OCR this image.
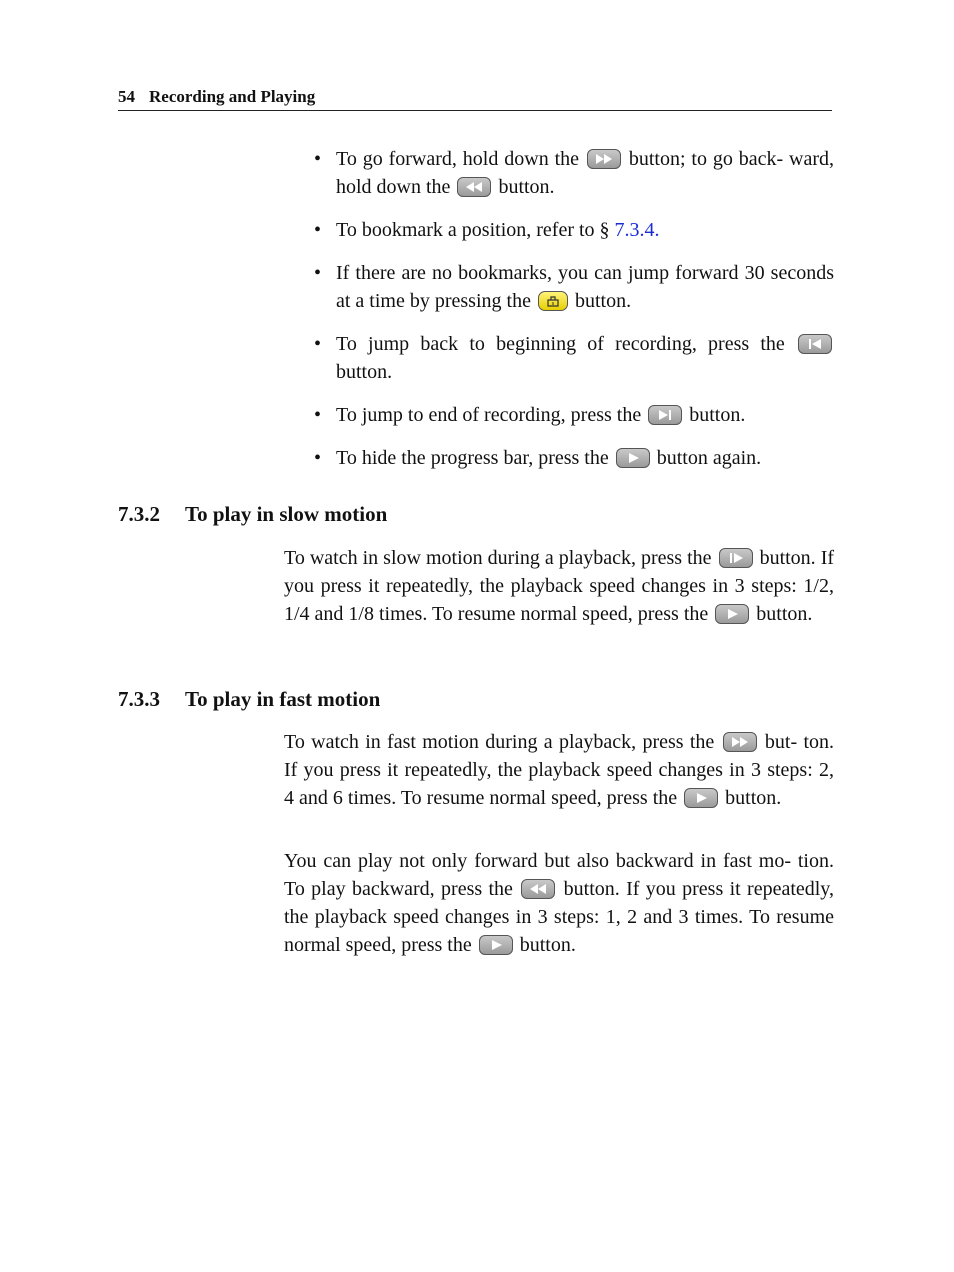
54 Recording and Playing
• To go forward, hold down the button; to go back- ward, hold down the button.
• To bookmark a position, refer to § 7.3.4.
• If there are no bookmarks, you can jump forward 30 seconds at a time by pressing the button.
• To jump back to beginning of recording, press the
button.
• To jump to end of recording, press the button.
• To hide the progress bar, press the button again.
7.3.2 To play in slow motion

To watch in slow motion during a playback, press the button. If you press it repeatedly, the playback speed changes in 3 steps: 1/2, 1/4 and 1/8 times. To resume normal speed, press the button.

7.3.3 To play in fast motion

To watch in fast motion during a playback, press the	but- ton. If you press it repeatedly, the playback speed changes in 3 steps: 2, 4 and 6 times. To resume normal speed, press the button.

You can play not only forward but also backward in fast mo- tion. To play backward, press the	button. If you press it repeatedly, the playback speed changes in 3 steps: 1, 2 and 3 times. To resume normal speed, press the button.
